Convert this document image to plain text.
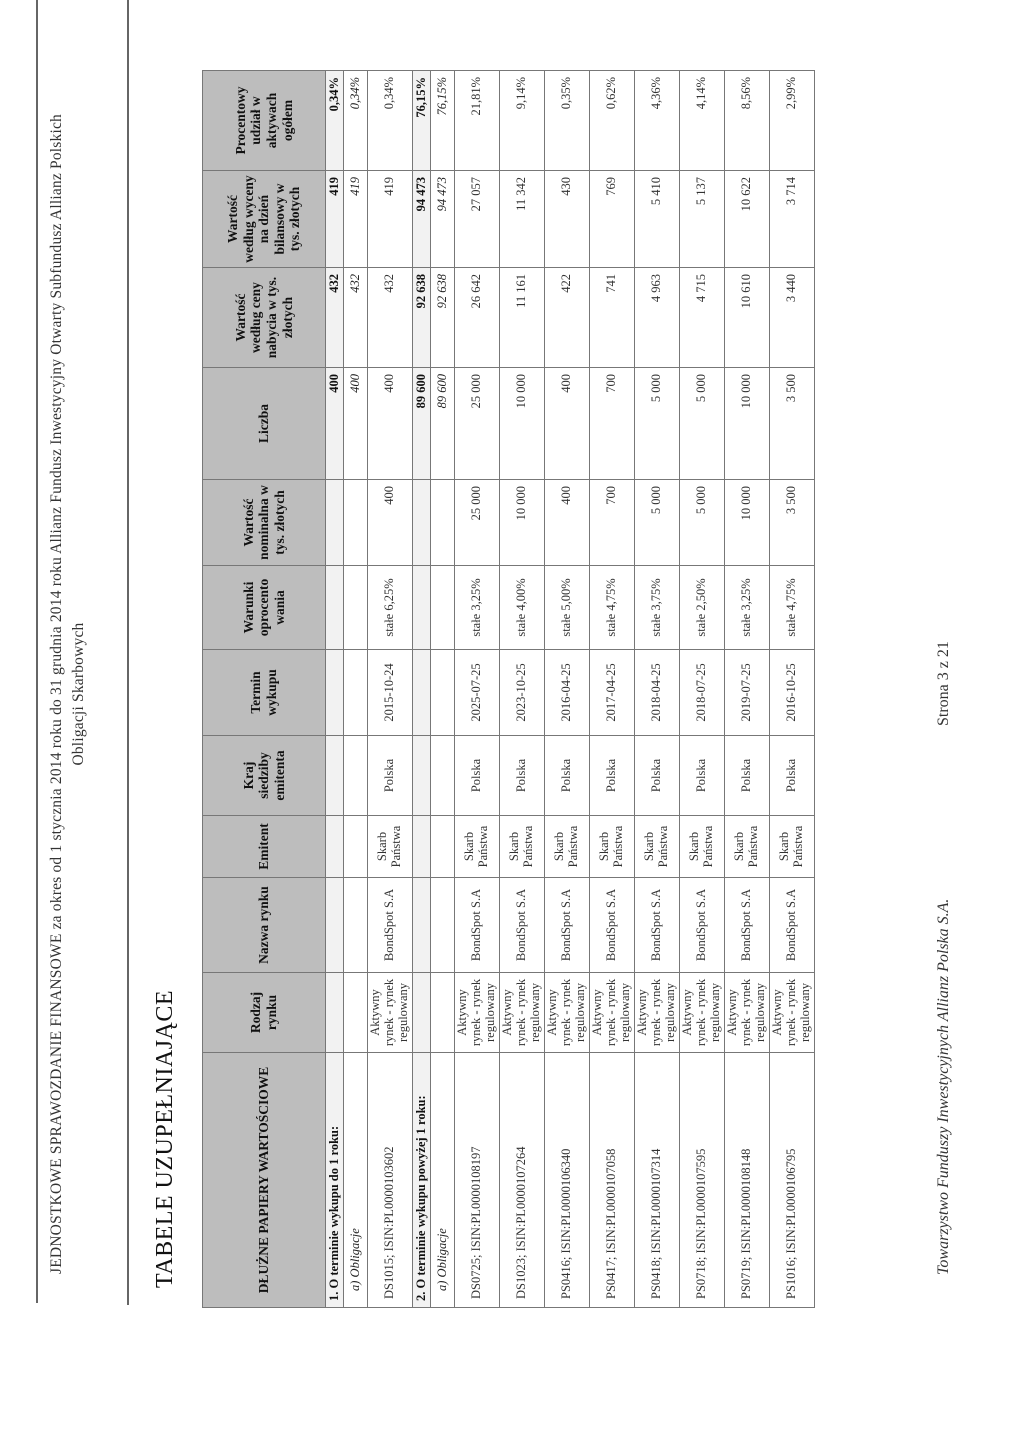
JEDNOSTKOWE SPRAWOZDANIE FINANSOWE za okres od 1 stycznia 2014 roku do 31 grudnia 2014 roku Allianz Fundusz Inwestycyjny Otwarty Subfundusz Allianz Polskich Obligacji Skarbowych
TABELE UZUPEŁNIAJĄCE	DŁUŻNE PAPIERY WARTOŚCIOWE	Rodzaj rynku	Nazwa rynku	Emitent	Kraj siedziby emitenta	Termin wykupu	Warunki oprocento wania	Wartość nominalna w tys. złotych	Liczba	Wartość według ceny nabycia w tys. złotych	Wartość według wyceny na dzień bilansowy w tys. złotych	Procentowy udział w aktywach ogółem
1. O terminie wykupu do 1 roku:								400	432	419	0,34%
a) Obligacje								400	432	419	0,34%
DS1015; ISIN:PL0000103602	Aktywny rynek - rynek regulowany	BondSpot S.A	Skarb Państwa	Polska	2015-10-24	stałe 6,25%	400	400	432	419	0,34%
2. O terminie wykupu powyżej 1 roku:								89 600	92 638	94 473	76,15%
a) Obligacje								89 600	92 638	94 473	76,15%
DS0725; ISIN:PL0000108197	Aktywny rynek - rynek regulowany	BondSpot S.A	Skarb Państwa	Polska	2025-07-25	stałe 3,25%	25 000	25 000	26 642	27 057	21,81%
DS1023; ISIN:PL0000107264	Aktywny rynek - rynek regulowany	BondSpot S.A	Skarb Państwa	Polska	2023-10-25	stałe 4,00%	10 000	10 000	11 161	11 342	9,14%
PS0416; ISIN:PL0000106340	Aktywny rynek - rynek regulowany	BondSpot S.A	Skarb Państwa	Polska	2016-04-25	stałe 5,00%	400	400	422	430	0,35%
PS0417; ISIN:PL0000107058	Aktywny rynek - rynek regulowany	BondSpot S.A	Skarb Państwa	Polska	2017-04-25	stałe 4,75%	700	700	741	769	0,62%
PS0418; ISIN:PL0000107314	Aktywny rynek - rynek regulowany	BondSpot S.A	Skarb Państwa	Polska	2018-04-25	stałe 3,75%	5 000	5 000	4 963	5 410	4,36%
PS0718; ISIN:PL0000107595	Aktywny rynek - rynek regulowany	BondSpot S.A	Skarb Państwa	Polska	2018-07-25	stałe 2,50%	5 000	5 000	4 715	5 137	4,14%
PS0719; ISIN:PL0000108148	Aktywny rynek - rynek regulowany	BondSpot S.A	Skarb Państwa	Polska	2019-07-25	stałe 3,25%	10 000	10 000	10 610	10 622	8,56%
PS1016; ISIN:PL0000106795	Aktywny rynek - rynek regulowany	BondSpot S.A	Skarb Państwa	Polska	2016-10-25	stałe 4,75%	3 500	3 500	3 440	3 714	2,99%
Towarzystwo Funduszy Inwestycyjnych Allianz Polska S.A.
Strona 3 z 21
